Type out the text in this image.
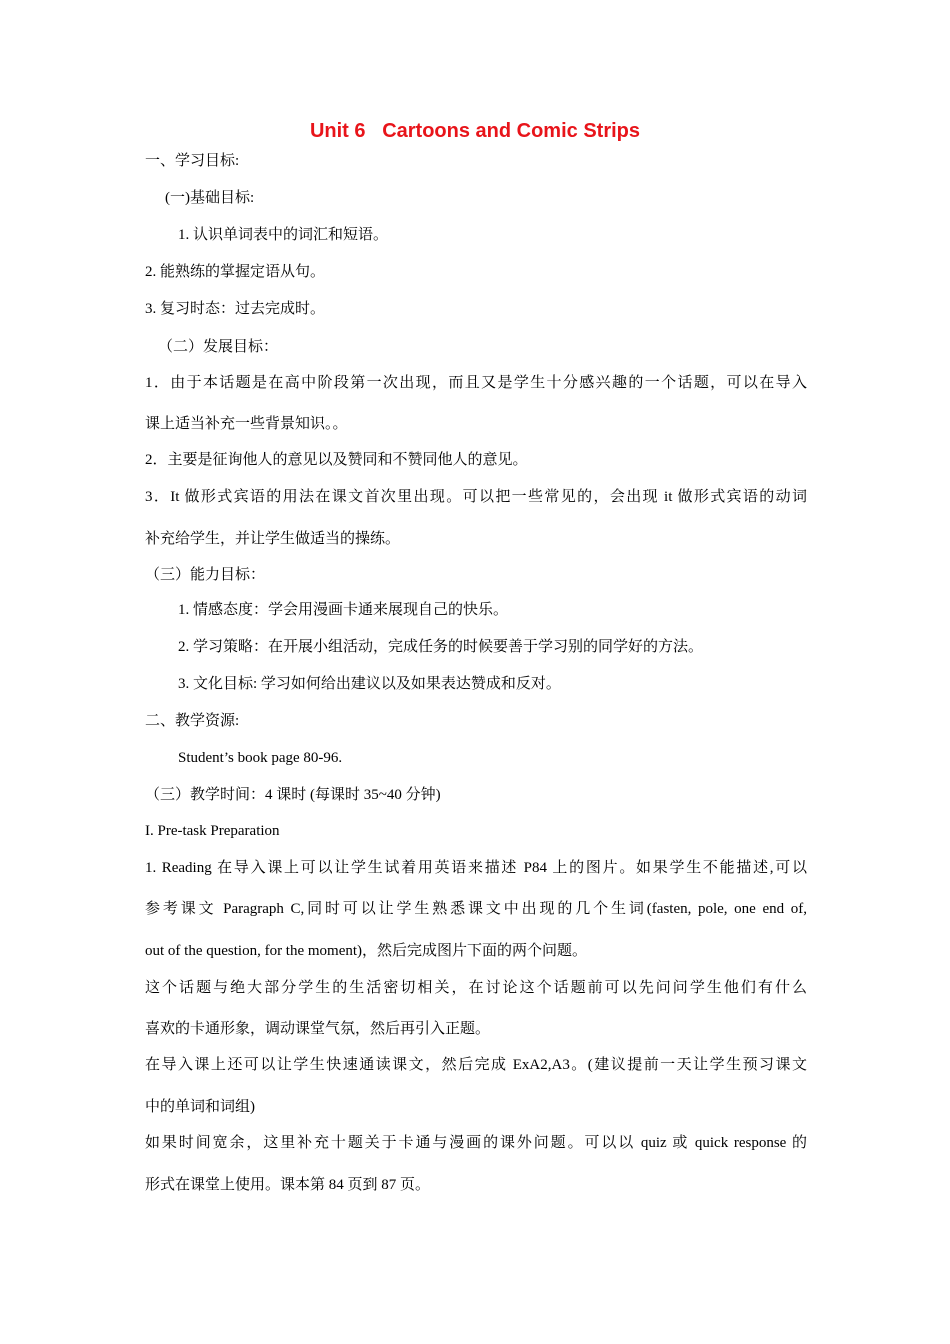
Unit 6   Cartoons and Comic Strips
一、学习目标:
(一)基础目标:
1. 认识单词表中的词汇和短语。
2. 能熟练的掌握定语从句。
3. 复习时态：过去完成时。
（二）发展目标：
1．由于本话题是在高中阶段第一次出现，而且又是学生十分感兴趣的一个话题，可以在导入
课上适当补充一些背景知识。。
2．主要是征询他人的意见以及赞同和不赞同他人的意见。
3．It 做形式宾语的用法在课文首次里出现。可以把一些常见的，会出现 it 做形式宾语的动词
补充给学生，并让学生做适当的操练。
（三）能力目标：
1. 情感态度：学会用漫画卡通来展现自己的快乐。
2. 学习策略：在开展小组活动，完成任务的时候要善于学习别的同学好的方法。
3. 文化目标: 学习如何给出建议以及如果表达赞成和反对。
二、教学资源:
Student’s book page 80-96.
（三）教学时间：4 课时 (每课时 35~40 分钟)
I. Pre-task Preparation
1. Reading 在导入课上可以让学生试着用英语来描述 P84 上的图片。如果学生不能描述,可以
参考课文 Paragraph C,同时可以让学生熟悉课文中出现的几个生词(fasten, pole, one end of,
out of the question, for the moment)，然后完成图片下面的两个问题。
这个话题与绝大部分学生的生活密切相关，在讨论这个话题前可以先问问学生他们有什么
喜欢的卡通形象，调动课堂气氛，然后再引入正题。
在导入课上还可以让学生快速通读课文，然后完成 ExA2,A3。(建议提前一天让学生预习课文
中的单词和词组)
如果时间宽余，这里补充十题关于卡通与漫画的课外问题。可以以 quiz 或 quick response 的
形式在课堂上使用。课本第 84 页到 87 页。
